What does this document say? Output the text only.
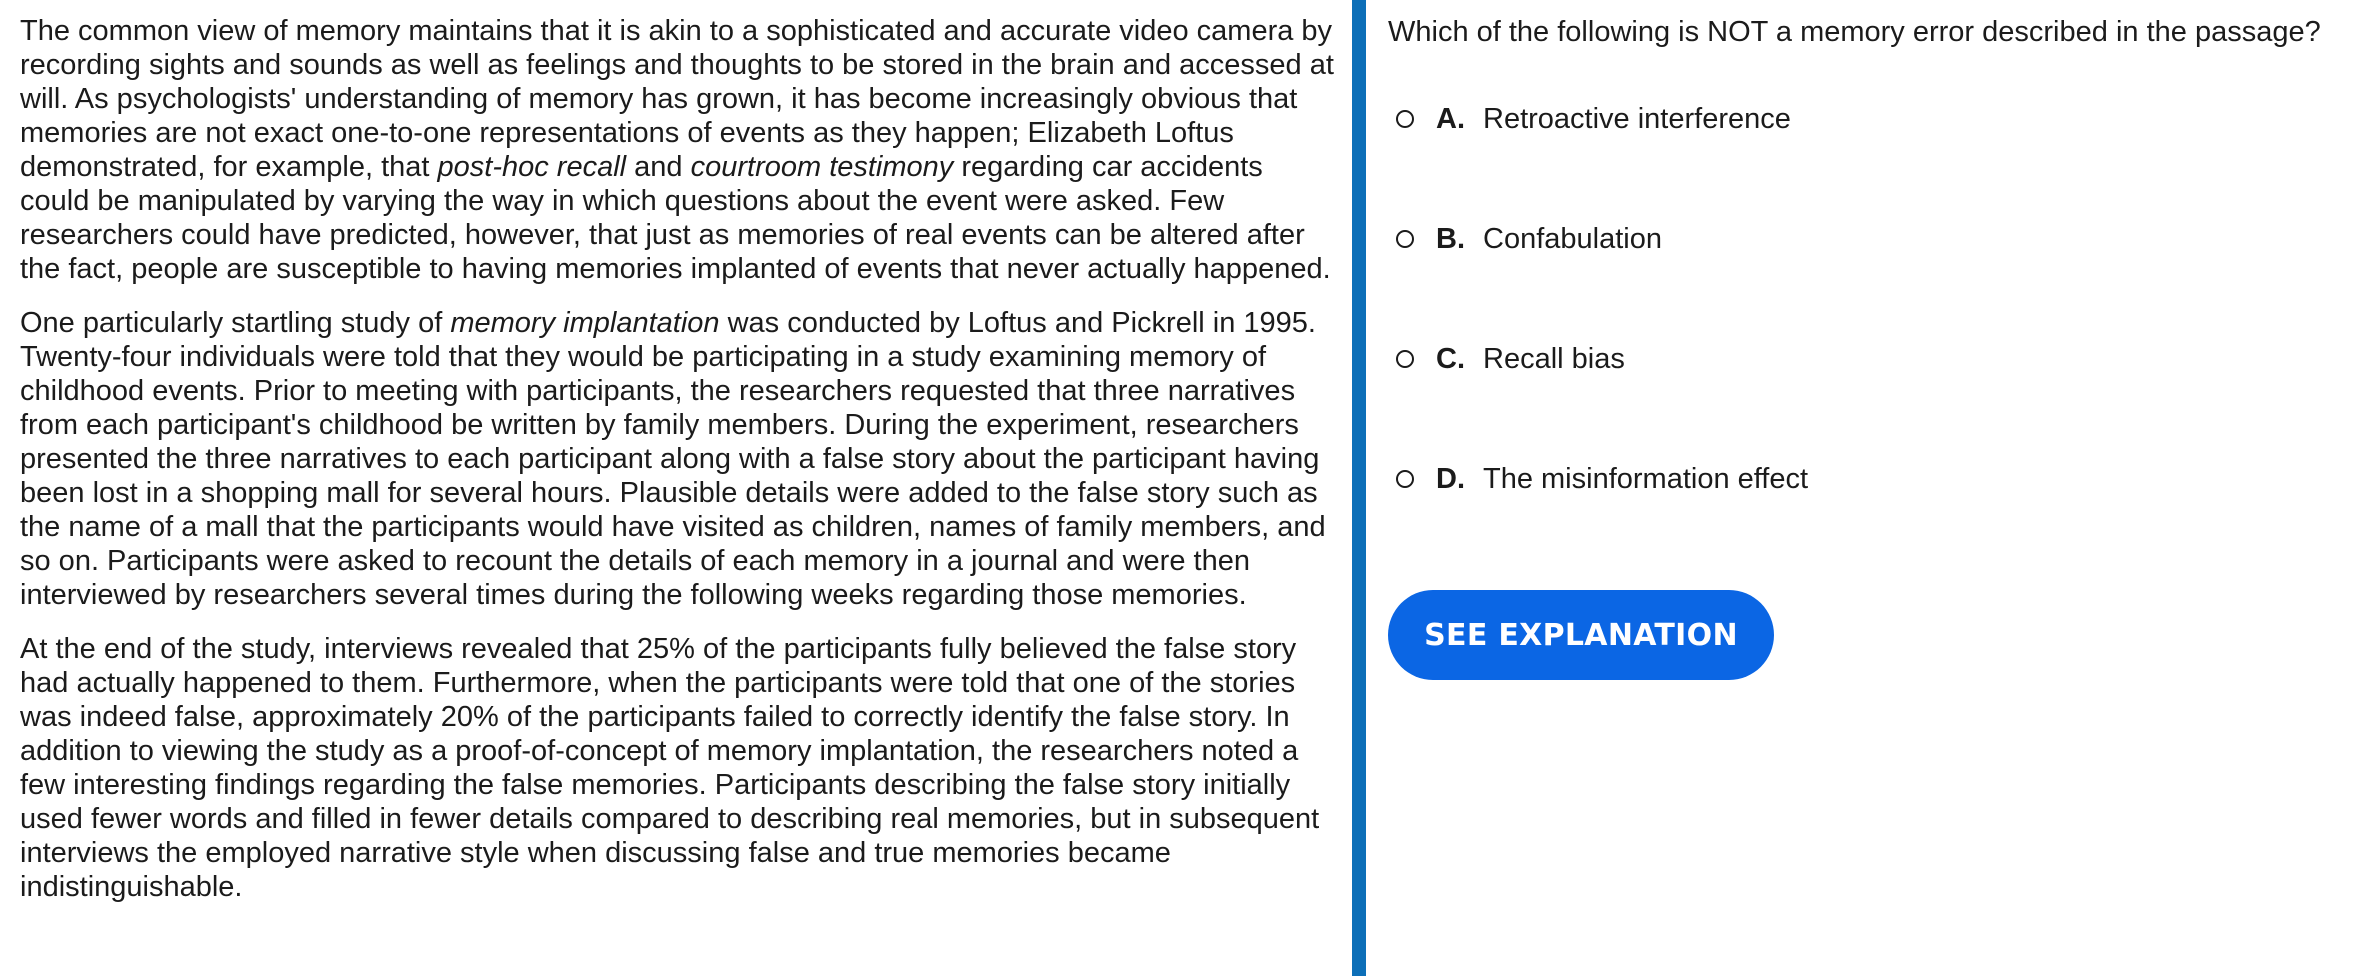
The common view of memory maintains that it is akin to a sophisticated and accurate video camera by recording sights and sounds as well as feelings and thoughts to be stored in the brain and accessed at will. As psychologists' understanding of memory has grown, it has become increasingly obvious that memories are not exact one-to-one representations of events as they happen; Elizabeth Loftus demonstrated, for example, that post-hoc recall and courtroom testimony regarding car accidents could be manipulated by varying the way in which questions about the event were asked. Few researchers could have predicted, however, that just as memories of real events can be altered after the fact, people are susceptible to having memories implanted of events that never actually happened.

One particularly startling study of memory implantation was conducted by Loftus and Pickrell in 1995. Twenty-four individuals were told that they would be participating in a study examining memory of childhood events. Prior to meeting with participants, the researchers requested that three narratives from each participant's childhood be written by family members. During the experiment, researchers presented the three narratives to each participant along with a false story about the participant having been lost in a shopping mall for several hours. Plausible details were added to the false story such as the name of a mall that the participants would have visited as children, names of family members, and so on. Participants were asked to recount the details of each memory in a journal and were then interviewed by researchers several times during the following weeks regarding those memories.

At the end of the study, interviews revealed that 25% of the participants fully believed the false story had actually happened to them. Furthermore, when the participants were told that one of the stories was indeed false, approximately 20% of the participants failed to correctly identify the false story. In addition to viewing the study as a proof-of-concept of memory implantation, the researchers noted a few interesting findings regarding the false memories. Participants describing the false story initially used fewer words and filled in fewer details compared to describing real memories, but in subsequent interviews the employed narrative style when discussing false and true memories became indistinguishable.

Which of the following is NOT a memory error described in the passage?

A. Retroactive interference
B. Confabulation
C. Recall bias
D. The misinformation effect
SEE EXPLANATION
